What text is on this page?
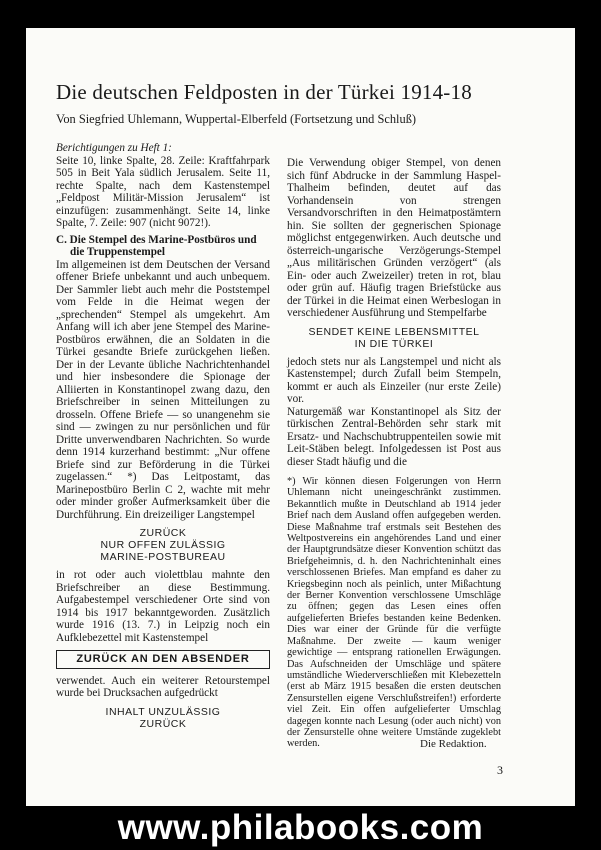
Die deutschen Feldposten in der Türkei 1914-18
Von Siegfried Uhlemann, Wuppertal-Elberfeld (Fortsetzung und Schluß)

Berichtigungen zu Heft 1:

Seite 10, linke Spalte, 28. Zeile: Kraftfahrpark 505 in Beit Yala südlich Jerusalem. Seite 11, rechte Spalte, nach dem Kastenstempel „Feldpost Militär-Mission Jerusalem“ ist einzufügen: zusammenhängt. Seite 14, linke Spalte, 7. Zeile: 907 (nicht 9072!).

C. Die Stempel des Marine-Postbüros und die Truppenstempel

Im allgemeinen ist dem Deutschen der Versand offener Briefe unbekannt und auch unbequem. Der Sammler liebt auch mehr die Poststempel vom Felde in die Heimat wegen der „sprechenden“ Stempel als umgekehrt. Am Anfang will ich aber jene Stempel des Marine-Postbüros erwähnen, die an Soldaten in die Türkei gesandte Briefe zurückgehen ließen. Der in der Levante übliche Nachrichtenhandel und hier insbesondere die Spionage der Alliierten in Konstantinopel zwang dazu, den Briefschreiber in seinen Mitteilungen zu drosseln. Offene Briefe — so unangenehm sie sind — zwingen zu nur persönlichen und für Dritte unverwendbaren Nachrichten. So wurde denn 1914 kurzerhand bestimmt: „Nur offene Briefe sind zur Beförderung in die Türkei zugelassen.“ *) Das Leitpostamt, das Marinepostbüro Berlin C 2, wachte mit mehr oder minder großer Aufmerksamkeit über die Durchführung. Ein dreizeiliger Langstempel

ZURÜCK
NUR OFFEN ZULÄSSIG
MARINE-POSTBUREAU

in rot oder auch violettblau mahnte den Briefschreiber an diese Bestimmung. Aufgabestempel verschiedener Orte sind von 1914 bis 1917 bekanntgeworden. Zusätzlich wurde 1916 (13. 7.) in Leipzig noch ein Aufklebezettel mit Kastenstempel

ZURÜCK AN DEN ABSENDER

verwendet. Auch ein weiterer Retourstempel wurde bei Drucksachen aufgedrückt

INHALT UNZULÄSSIG
ZURÜCK

Die Verwendung obiger Stempel, von denen sich fünf Abdrucke in der Sammlung Haspel-Thalheim befinden, deutet auf das Vorhandensein von strengen Versandvorschriften in den Heimatpostämtern hin. Sie sollten der gegnerischen Spionage möglichst entgegenwirken. Auch deutsche und österreich-ungarische Verzögerungs-Stempel „Aus militärischen Gründen verzögert“ (als Ein- oder auch Zweizeiler) treten in rot, blau oder grün auf. Häufig tragen Briefstücke aus der Türkei in die Heimat einen Werbeslogan in verschiedener Ausführung und Stempelfarbe

SENDET KEINE LEBENSMITTEL
IN DIE TÜRKEI

jedoch stets nur als Langstempel und nicht als Kastenstempel; durch Zufall beim Stempeln, kommt er auch als Einzeiler (nur erste Zeile) vor.

Naturgemäß war Konstantinopel als Sitz der türkischen Zentral-Behörden sehr stark mit Ersatz- und Nachschubtruppenteilen sowie mit Leit-Stäben belegt. Infolgedessen ist Post aus dieser Stadt häufig und die

*) Wir können diesen Folgerungen von Herrn Uhlemann nicht uneingeschränkt zustimmen. Bekanntlich mußte in Deutschland ab 1914 jeder Brief nach dem Ausland offen aufgegeben werden. Diese Maßnahme traf erstmals seit Bestehen des Weltpostvereins ein angehörendes Land und einer der Hauptgrundsätze dieser Konvention schützt das Briefgeheimnis, d. h. den Nachrichteninhalt eines verschlossenen Briefes. Man empfand es daher zu Kriegsbeginn noch als peinlich, unter Mißachtung der Berner Konvention verschlossene Umschläge zu öffnen; gegen das Lesen eines offen aufgelieferten Briefes bestanden keine Bedenken. Dies war einer der Gründe für die verfügte Maßnahme. Der zweite — kaum weniger gewichtige — entsprang rationellen Erwägungen. Das Aufschneiden der Umschläge und spätere umständliche Wiederverschließen mit Klebezetteln (erst ab März 1915 besaßen die ersten deutschen Zensurstellen eigene Verschlußstreifen!) erforderte viel Zeit. Ein offen aufgelieferter Umschlag dagegen konnte nach Lesung (oder auch nicht) von der Zensurstelle ohne weitere Umstände zugeklebt werden.	Die Redaktion.
3
www.philabooks.com
